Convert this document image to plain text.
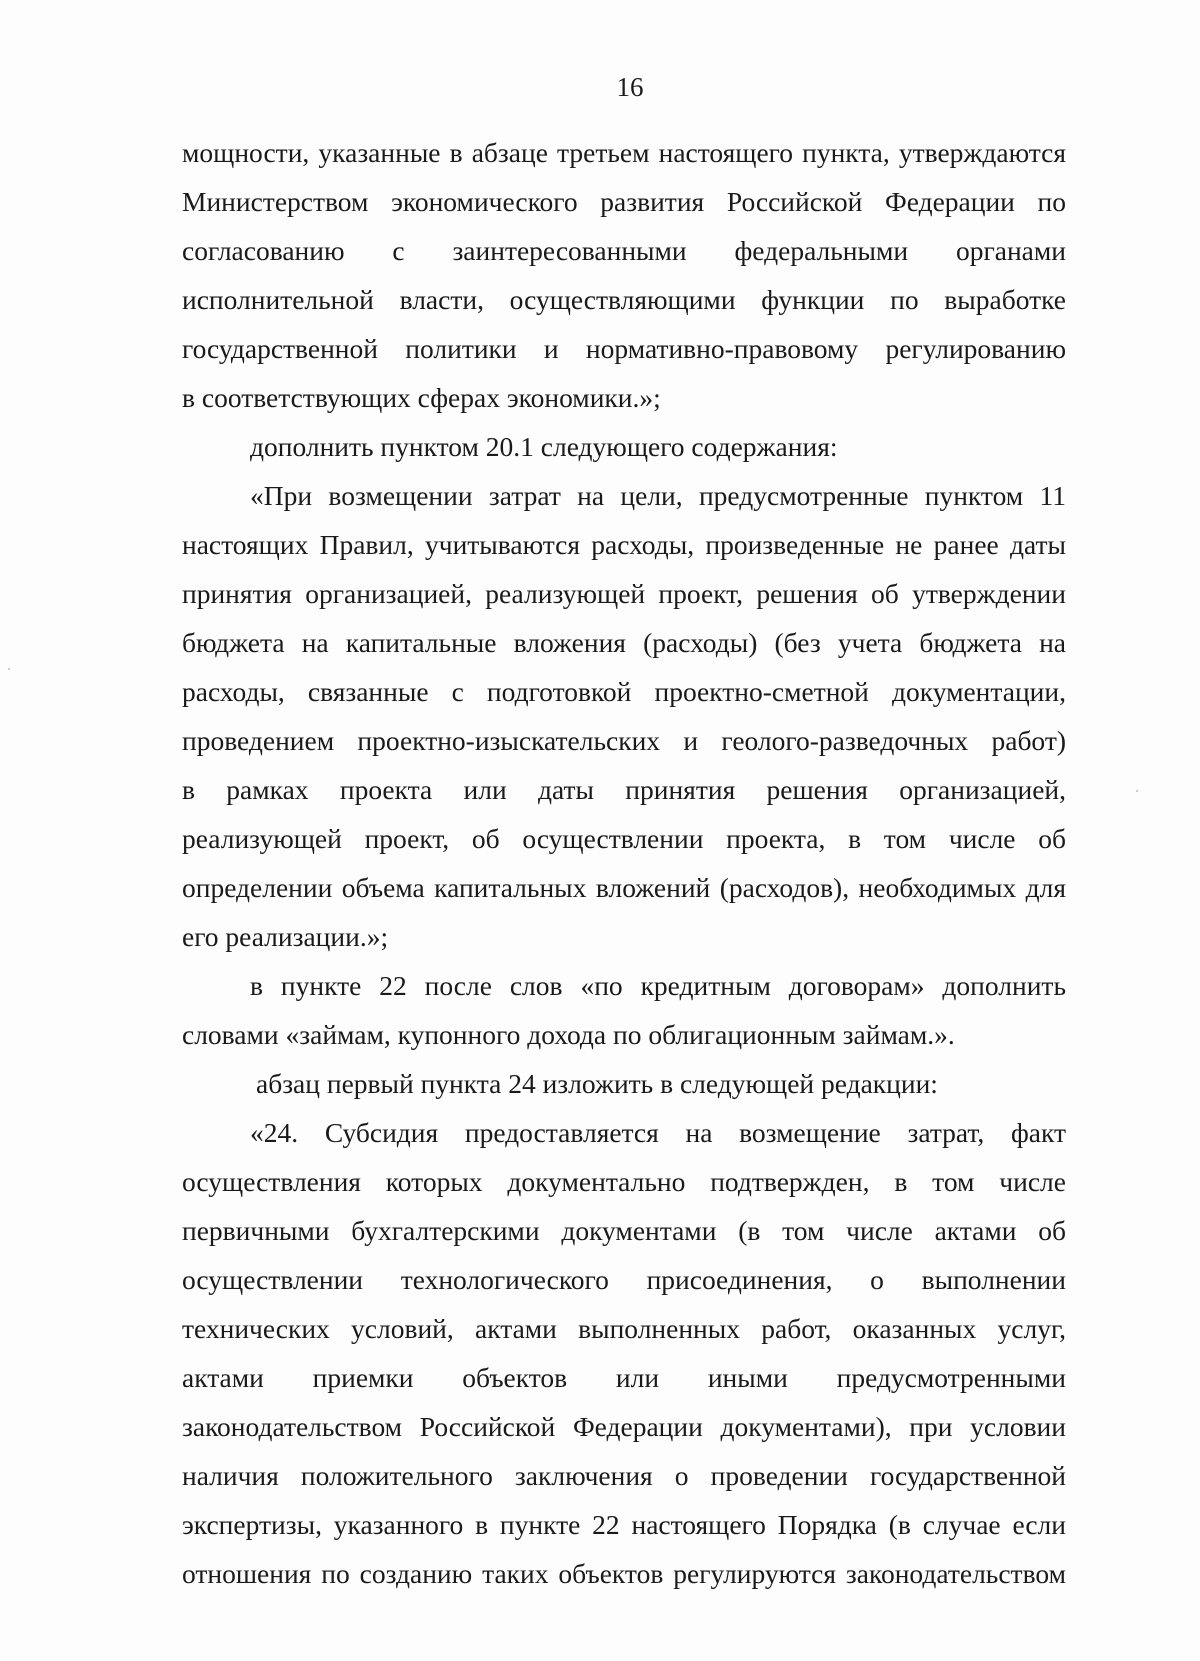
16
мощности, указанные в абзаце третьем настоящего пункта, утверждаются
Министерством экономического развития Российской Федерации по
согласованию с заинтересованными федеральными органами
исполнительной власти, осуществляющими функции по выработке
государственной политики и нормативно-правовому регулированию
в соответствующих сферах экономики.»;
дополнить пунктом 20.1 следующего содержания:
«При возмещении затрат на цели, предусмотренные пунктом 11
настоящих Правил, учитываются расходы, произведенные не ранее даты
принятия организацией, реализующей проект, решения об утверждении
бюджета на капитальные вложения (расходы) (без учета бюджета на
расходы, связанные с подготовкой проектно-сметной документации,
проведением проектно-изыскательских и геолого-разведочных работ)
в рамках проекта или даты принятия решения организацией,
реализующей проект, об осуществлении проекта, в том числе об
определении объема капитальных вложений (расходов), необходимых для
его реализации.»;
в пункте 22 после слов «по кредитным договорам» дополнить
словами «займам, купонного дохода по облигационным займам.».
абзац первый пункта 24 изложить в следующей редакции:
«24. Субсидия предоставляется на возмещение затрат, факт
осуществления которых документально подтвержден, в том числе
первичными бухгалтерскими документами (в том числе актами об
осуществлении технологического присоединения, о выполнении
технических условий, актами выполненных работ, оказанных услуг,
актами приемки объектов или иными предусмотренными
законодательством Российской Федерации документами), при условии
наличия положительного заключения о проведении государственной
экспертизы, указанного в пункте 22 настоящего Порядка (в случае если
отношения по созданию таких объектов регулируются законодательством
